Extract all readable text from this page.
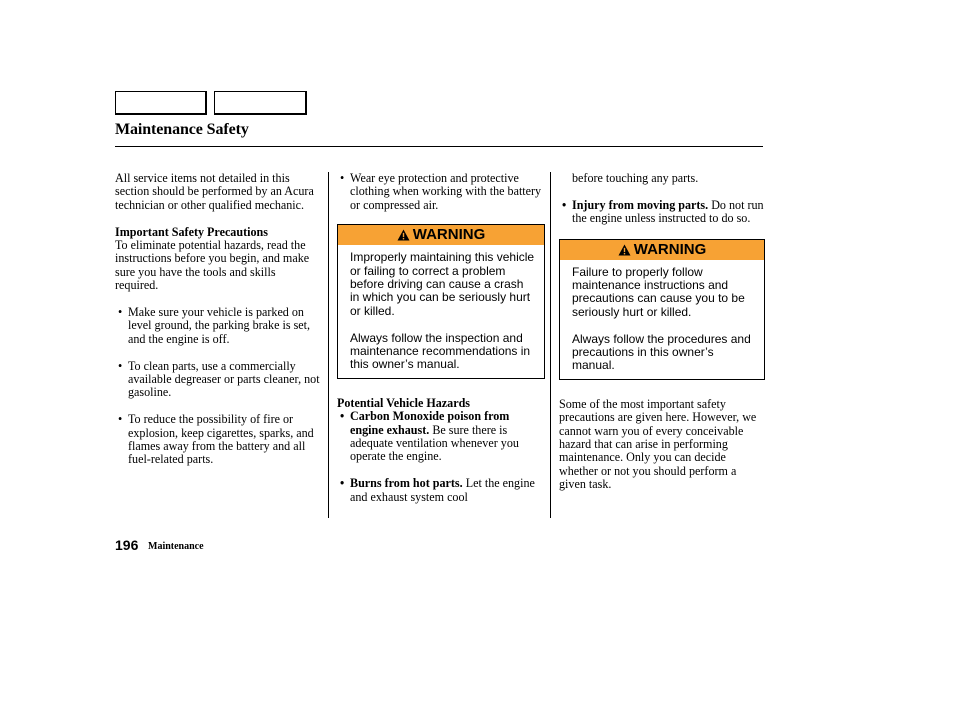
Maintenance Safety

All service items not detailed in this section should be performed by an Acura technician or other qualified mechanic.

Important Safety Precautions

To eliminate potential hazards, read the instructions before you begin, and make sure you have the tools and skills required.

• Make sure your vehicle is parked on level ground, the parking brake is set, and the engine is off.
• To clean parts, use a commercially available degreaser or parts cleaner, not gasoline.
• To reduce the possibility of fire or explosion, keep cigarettes, sparks, and flames away from the battery and all fuel-related parts.
• Wear eye protection and protective clothing when working with the battery or compressed air.
WARNING

Improperly maintaining this vehicle or failing to correct a problem before driving can cause a crash in which you can be seriously hurt or killed.

Always follow the inspection and maintenance recommendations in this owner’s manual.

Potential Vehicle Hazards

• Carbon Monoxide poison from engine exhaust. Be sure there is adequate ventilation whenever you operate the engine.
• Burns from hot parts. Let the engine and exhaust system cool

before touching any parts.

• Injury from moving parts. Do not run the engine unless instructed to do so.
WARNING

Failure to properly follow maintenance instructions and precautions can cause you to be seriously hurt or killed.

Always follow the procedures and precautions in this owner’s manual.

Some of the most important safety precautions are given here. However, we cannot warn you of every conceivable hazard that can arise in performing maintenance. Only you can decide whether or not you should perform a given task.

196 Maintenance
